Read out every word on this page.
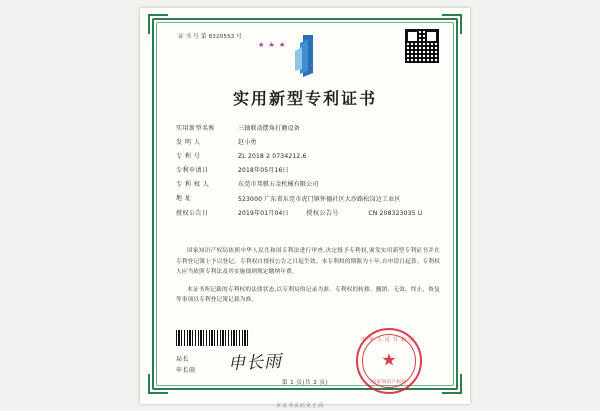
证 书 号 第 8320553 号
★ ★ ★
实用新型专利证书
实用新型名称	三轴联动摆角打磨设备
发 明 人	赵小勇
专 利 号	ZL 2018 2 0734212.6
专利申请日	2018年05月16日
专 利 权 人	东莞市邦骐五金机械有限公司
地 址	523000 广东省东莞市虎门镇怀德社区大沙路松岗边工业区
授权公告日	2019年01月04日	授权公告号	CN 208323035 U

国家知识产权局依照中华人民共和国专利法进行审查,决定授予专利权,颁发实用新型专利证书并在专利登记簿上予以登记。专利权自授权公告之日起生效。本专利权的期限为十年,自申请日起算。专利权人应当依照专利法及其实施细则规定缴纳年费。

本证书所记载的专利权的法律状态,以专利局的记录为准。专利权的转移、撤销、无效、终止、恢复等事项以专利登记簿记载为准。

局长
申长雨 申长雨
中华人民共和国
★
国家知识产权局
第 1 页(共 2 页)
本证书页码见正面
